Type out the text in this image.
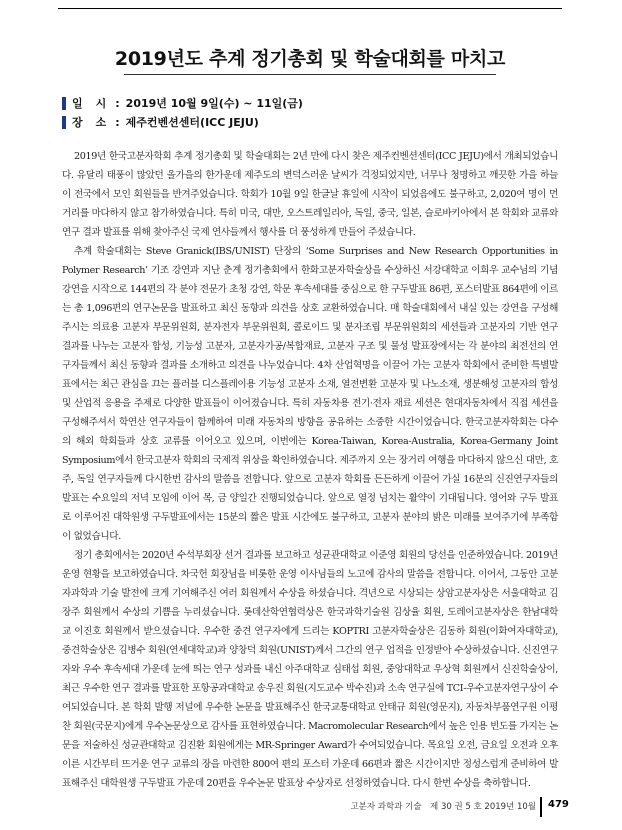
2019년도 추계 정기총회 및 학술대회를 마치고
일　시 : 2019년 10월 9일(수) ~ 11일(금)
장　소 : 제주컨벤션센터(ICC JEJU)

2019년 한국고분자학회 추계 정기총회 및 학술대회는 2년 만에 다시 찾은 제주컨벤션센터(ICC JEJU)에서 개최되었습니다. 유달리 태풍이 많았던 올가을의 한가운데 제주도의 변덕스러운 날씨가 걱정되었지만, 너무나 청명하고 깨끗한 가을 하늘이 전국에서 모인 회원들을 반겨주었습니다. 학회가 10월 9일 한글날 휴일에 시작이 되었음에도 불구하고, 2,020여 명이 먼 거리를 마다하지 않고 참가하였습니다. 특히 미국, 대만, 오스트레일리아, 독일, 중국, 일본, 슬로바키아에서 본 학회와 교류와 연구 결과 발표를 위해 찾아주신 국제 연사들께서 행사를 더 풍성하게 만들어 주셨습니다.

추계 학술대회는 Steve Granick(IBS/UNIST) 단장의 ‘Some Surprises and New Research Opportunities in Polymer Research’ 기조 강연과 지난 춘계 정기총회에서 한화고분자학술상을 수상하신 서강대학교 이희우 교수님의 기념 강연을 시작으로 144편의 각 분야 전문가 초청 강연, 학문 후속세대를 중심으로 한 구두발표 86편, 포스터발표 864편에 이르는 총 1,096편의 연구논문을 발표하고 최신 동향과 의견을 상호 교환하였습니다. 매 학술대회에서 내실 있는 강연을 구성해주시는 의료용 고분자 부문위원회, 분자전자 부문위원회, 콜로이드 및 분자조립 부문위원회의 세션들과 고분자의 기반 연구 결과를 나누는 고분자 합성, 기능성 고분자, 고분자가공/복합재료, 고분자 구조 및 물성 발표장에서는 각 분야의 최전선의 연구자들께서 최신 동향과 결과를 소개하고 의견을 나누었습니다. 4차 산업혁명을 이끌어 가는 고분자 학회에서 준비한 특별발표에서는 최근 관심을 끄는 플러블 디스플레이용 기능성 고분자 소재, 열전변환 고분자 및 나노소재, 생분해성 고분자의 합성 및 산업적 응용을 주제로 다양한 발표들이 이어졌습니다. 특히 자동차용 전기·전자 재료 세션은 현대자동차에서 직접 세션을 구성해주셔서 학연산 연구자들이 함께하여 미래 자동차의 방향을 공유하는 소중한 시간이었습니다. 한국고분자학회는 다수의 해외 학회들과 상호 교류를 이어오고 있으며, 이번에는 Korea-Taiwan, Korea-Australia, Korea-Germany Joint Symposium에서 한국고분자 학회의 국제적 위상을 확인하였습니다. 제주까지 오는 장거리 여행을 마다하지 않으신 대만, 호주, 독일 연구자들께 다시한번 감사의 말씀을 전합니다. 앞으로 고분자 학회를 든든하게 이끌어 가실 16분의 신진연구자들의 발표는 수요일의 저녁 모임에 이어 목, 금 양일간 진행되었습니다. 앞으로 열정 넘치는 활약이 기대됩니다. 영어와 구두 발표로 이루어진 대학원생 구두발표에서는 15분의 짧은 발표 시간에도 불구하고, 고분자 분야의 밝은 미래를 보여주기에 부족함이 없었습니다.

정기 총회에서는 2020년 수석부회장 선거 결과를 보고하고 성균관대학교 이준영 회원의 당선을 인준하였습니다. 2019년 운영 현황을 보고하였습니다. 차국헌 회장님을 비롯한 운영 이사님들의 노고에 감사의 말씀을 전합니다. 이어서, 그동안 고분자과학과 기술 발전에 크게 기여해주신 여러 회원께서 수상을 하셨습니다. 격년으로 시상되는 상암고분자상은 서울대학교 김장주 회원께서 수상의 기쁨을 누리셨습니다. 롯데산학연협력상은 한국과학기술원 김상율 회원, 도레이고분자상은 한남대학교 이진호 회원께서 받으셨습니다. 우수한 중견 연구자에게 드리는 KOPTRI 고분자학술상은 김동하 회원(이화여자대학교), 중견학술상은 김병수 회원(연세대학교)과 양창덕 회원(UNIST)께서 그간의 연구 업적을 인정받아 수상하셨습니다. 신진연구자와 우수 후속세대 가운데 눈에 띄는 연구 성과를 내신 아주대학교 심태섭 회원, 중앙대학교 우상혁 회원께서 신진학술상이, 최근 우수한 연구 결과를 발표한 포항공과대학교 송우진 회원(지도교수 박수진)과 소속 연구실에 TCI-우수고분자연구상이 수여되었습니다. 본 학회 발행 저널에 우수한 논문을 발표해주신 한국교통대학교 안태규 회원(영문지), 자동차부품연구원 이평찬 회원(국문지)에게 우수논문상으로 감사를 표현하였습니다. Macromolecular Research에서 높은 인용 빈도를 가지는 논문을 저술하신 성균관대학교 김진환 회원에게는 MR-Springer Award가 수여되었습니다. 목요일 오전, 금요일 오전과 오후 이른 시간부터 뜨거운 연구 교류의 장을 마련한 800여 편의 포스터 가운데 66편과 짧은 시간이지만 정성스럽게 준비하여 발표해주신 대학원생 구두발표 가운데 20편을 우수논문 발표상 수상자로 선정하였습니다. 다시 한번 수상을 축하합니다.

고분자 과학과 기술　제 30 권 5 호 2019년 10월 479
